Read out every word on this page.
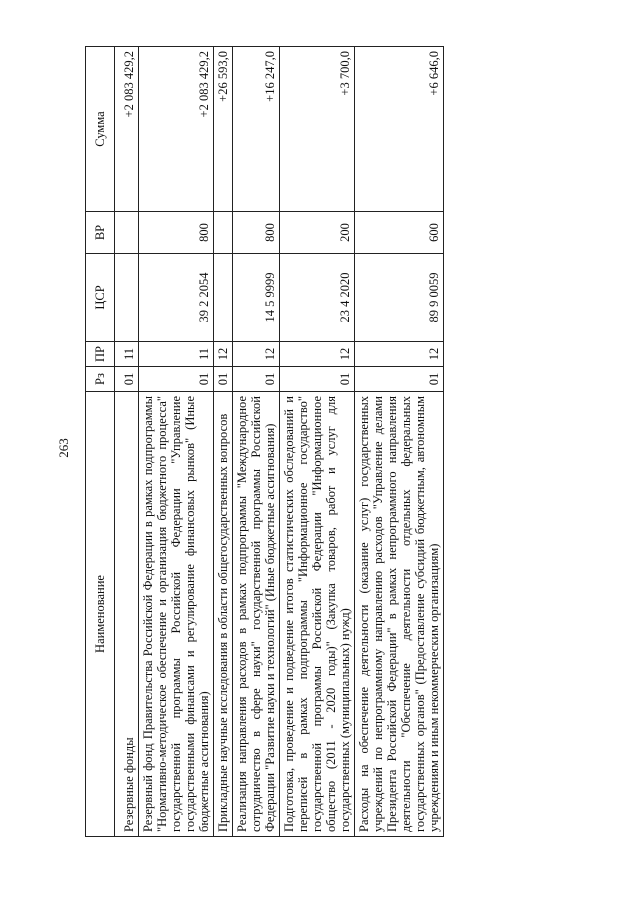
263
Наименование	Рз	ПР	ЦСР	ВР	Сумма
Резервные фонды	01	11			+2 083 429,2
Резервный фонд Правительства Российской Федерации в рамках подпрограммы "Нормативно-методическое обеспечение и организация бюджетного процесса" государственной программы Российской Федерации "Управление государственными финансами и регулирование финансовых рынков" (Иные бюджетные ассигнования)	01	11	39 2 2054	800	+2 083 429,2
Прикладные научные исследования в области общегосударственных вопросов	01	12			+26 593,0
Реализация направления расходов в рамках подпрограммы "Международное сотрудничество в сфере науки" государственной программы Российской Федерации "Развитие науки и технологий" (Иные бюджетные ассигнования)	01	12	14 5 9999	800	+16 247,0
Подготовка, проведение и подведение итогов статистических обследований и переписей в рамках подпрограммы "Информационное государство" государственной программы Российской Федерации "Информационное общество (2011 - 2020 годы)" (Закупка товаров, работ и услуг для государственных (муниципальных) нужд)	01	12	23 4 2020	200	+3 700,0
Расходы на обеспечение деятельности (оказание услуг) государственных учреждений по непрограммному направлению расходов "Управление делами Президента Российской Федерации" в рамках непрограммного направления деятельности "Обеспечение деятельности отдельных федеральных государственных органов" (Предоставление субсидий бюджетным, автономным учреждениям и иным некоммерческим организациям)	01	12	89 9 0059	600	+6 646,0
